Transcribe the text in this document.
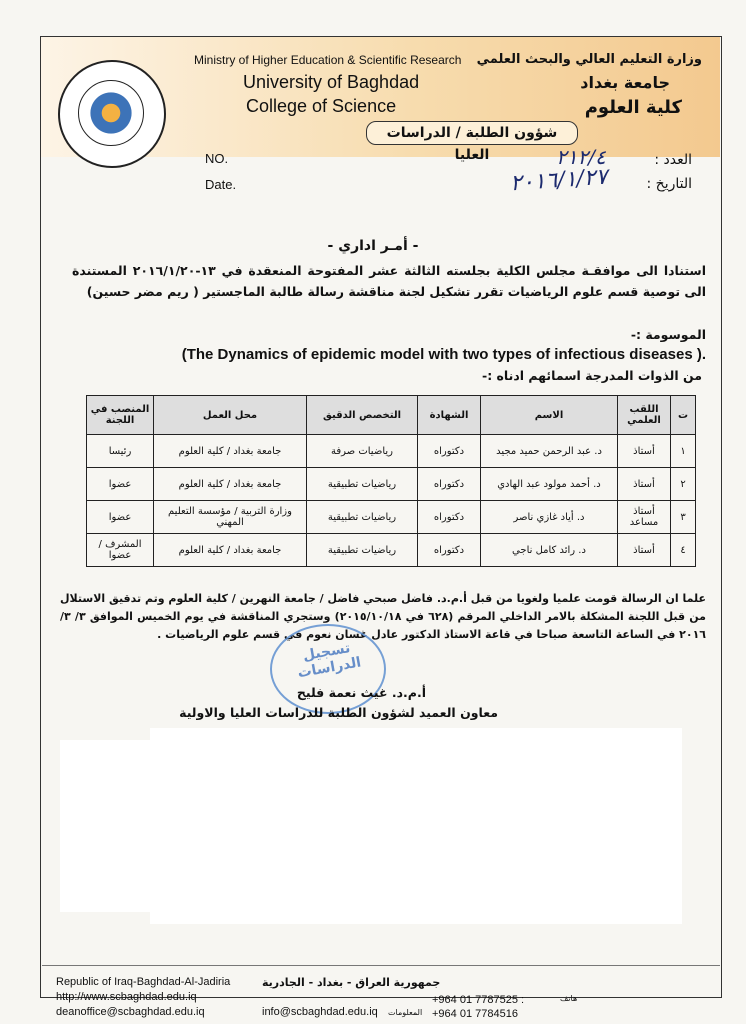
Ministry of Higher Education & Scientific Research
University of Baghdad
College of Science
وزارة التعليم العالي والبحث العلمي
جامعة بغداد
كلية العلوم
شؤون الطلبة / الدراسات العليا
NO.
Date.
العدد :
التاريخ :
٢١٢/٤
٢٠١٦/١/٢٧
- أمـر اداري -
استنادا الى موافقـة مجلس الكلية بجلسته الثالثة عشر المفتوحة المنعقدة في ١٣-٢٠١٦/١/٢٠ المستندة الى توصية قسم علوم الرياضيات تقرر تشكيل لجنة مناقشة رسالة طالبة الماجستير ( ريم مضر حسين)
الموسومة :-
(The Dynamics of epidemic model with two types of infectious diseases ).
من الذوات المدرجة اسمائهم ادناه :-
ت	اللقب العلمي	الاسم	الشهادة	التخصص الدقيق	محل العمل	المنصب في اللجنة
١	أستاذ	د. عبد الرحمن حميد مجيد	دكتوراه	رياضيات صرفة	جامعة بغداد / كلية العلوم	رئيسا
٢	أستاذ	د. أحمد مولود عبد الهادي	دكتوراه	رياضيات تطبيقية	جامعة بغداد / كلية العلوم	عضوا
٣	أستاذ مساعد	د. أياد غازي ناصر	دكتوراه	رياضيات تطبيقية	وزارة التربية / مؤسسة التعليم المهني	عضوا
٤	أستاذ	د. رائد كامل ناجي	دكتوراه	رياضيات تطبيقية	جامعة بغداد / كلية العلوم	المشرف / عضوا
علما ان الرسالة قومت علميا ولغويا من قبل أ.م.د. فاضل صبحي فاضل / جامعة النهرين / كلية العلوم وتم تدقيق الاستلال من قبل اللجنة المشكلة بالامر الداخلي المرقم (٦٢٨ في ٢٠١٥/١٠/١٨) وستجري المناقشة في يوم الخميس الموافق ٣/ ٣/ ٢٠١٦ في الساعة التاسعة صباحا في قاعة الاستاذ الدكتور عادل غسان نعوم في قسم علوم الرياضيات .
تسجيل الدراسات
أ.م.د. غيث نعمة فليح
معاون العميد لشؤون الطلبة للدراسات العليا والاولية
Republic of Iraq-Baghdad-Al-Jadiria
http://www.scbaghdad.edu.iq
deanoffice@scbaghdad.edu.iq
جمهورية العراق - بغداد - الجادرية
info@scbaghdad.edu.iq المعلومات
+964 01 7787525 :
+964 01 7784516
هاتف
